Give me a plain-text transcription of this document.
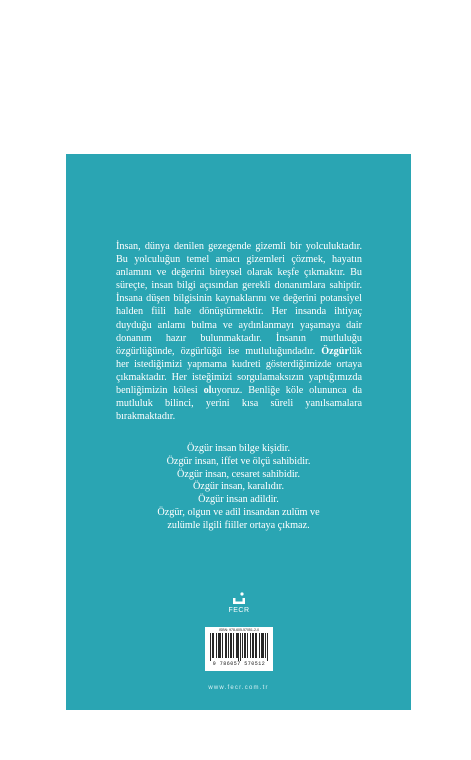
İnsan, dünya denilen gezegende gizemli bir yolculuktadır. Bu yolculuğun temel amacı gizemleri çözmek, hayatın anlamını ve değerini bireysel olarak keşfe çıkmaktır. Bu süreçte, insan bilgi açısından gerekli donanımlara sahiptir. İnsana düşen bilgisinin kaynaklarını ve değerini potansiyel halden fiili hale dönüştürmektir. Her insanda ihtiyaç duyduğu anlamı bulma ve aydınlanmayı yaşamaya dair donanım hazır bulunmaktadır. İnsanın mutluluğu özgürlüğünde, özgürlüğü ise mutluluğundadır. Özgürlük her istediğimizi yapmama kudreti gösterdiğimizde ortaya çıkmaktadır. Her isteğimizi sorgulamaksızın yaptığımızda benliğimizin kölesi oluyoruz. Benliğe köle olununca da mutluluk bilinci, yerini kısa süreli yanılsamalara bırakmaktadır.

Özgür insan bilge kişidir.
Özgür insan, iffet ve ölçü sahibidir.
Özgür insan, cesaret sahibidir.
Özgür insan, karalıdır.
Özgür insan adildir.
Özgür, olgun ve adil insandan zulüm ve
zulümle ilgili fiiller ortaya çıkmaz.
FECR
ISBN: 978-605-57051-2-0
9 786057 570512
www.fecr.com.tr
